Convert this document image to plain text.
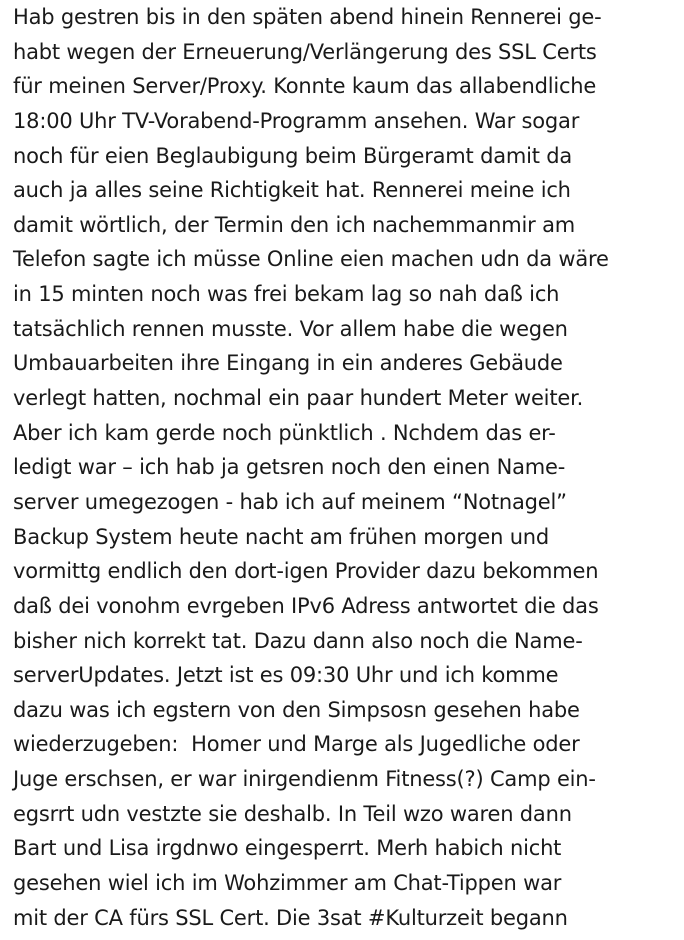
Hab gestren bis in den späten abend hinein Rennerei ge-
habt wegen der Erneuerung/Verlängerung des SSL Certs
für meinen Server/Proxy. Konnte kaum das allabendliche
18:00 Uhr TV-Vorabend-Programm ansehen. War sogar
noch für eien Beglaubigung beim Bürgeramt damit da
auch ja alles seine Richtigkeit hat. Rennerei meine ich
damit wörtlich, der Termin den ich nachemmanmir am
Telefon sagte ich müsse Online eien machen udn da wäre
in 15 minten noch was frei bekam lag so nah daß ich
tatsächlich rennen musste. Vor allem habe die wegen
Umbauarbeiten ihre Eingang in ein anderes Gebäude
verlegt hatten, nochmal ein paar hundert Meter weiter.
Aber ich kam gerde noch pünktlich . Nchdem das er-
ledigt war – ich hab ja getsren noch den einen Name-
server umegezogen - hab ich auf meinem “Notnagel”
Backup System heute nacht am frühen morgen und
vormittg endlich den dort-igen Provider dazu bekommen
daß dei vonohm evrgeben IPv6 Adress antwortet die das
bisher nich korrekt tat. Dazu dann also noch die Name-
serverUpdates. Jetzt ist es 09:30 Uhr und ich komme
dazu was ich egstern von den Simpsosn gesehen habe
wiederzugeben:  Homer und Marge als Jugedliche oder
Juge erschsen, er war inirgendienm Fitness(?) Camp ein-
egsrrt udn vestzte sie deshalb. In Teil wzo waren dann
Bart und Lisa irgdnwo eingesperrt. Merh habich nicht
gesehen wiel ich im Wohzimmer am Chat-Tippen war
mit der CA fürs SSL Cert. Die 3sat #Kulturzeit begann
